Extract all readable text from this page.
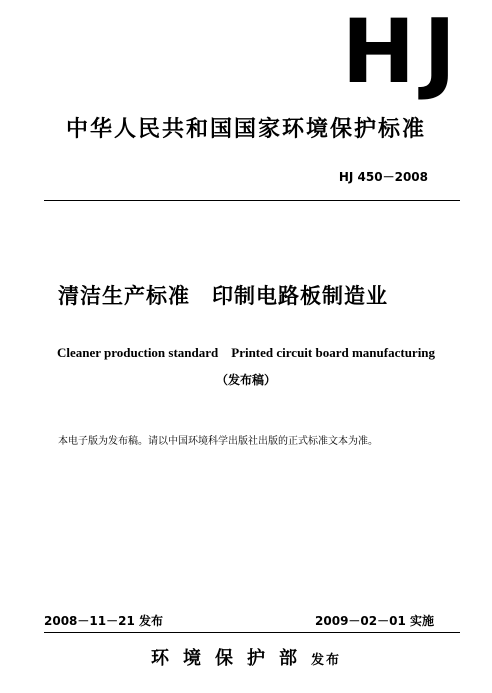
HJ
中华人民共和国国家环境保护标准
HJ 450－2008
清洁生产标准　印制电路板制造业
Cleaner production standard    Printed circuit board manufacturing
（发布稿）
本电子版为发布稿。请以中国环境科学出版社出版的正式标准文本为准。
2008－11－21 发布	2009－02－01 实施
环境保护部发布
